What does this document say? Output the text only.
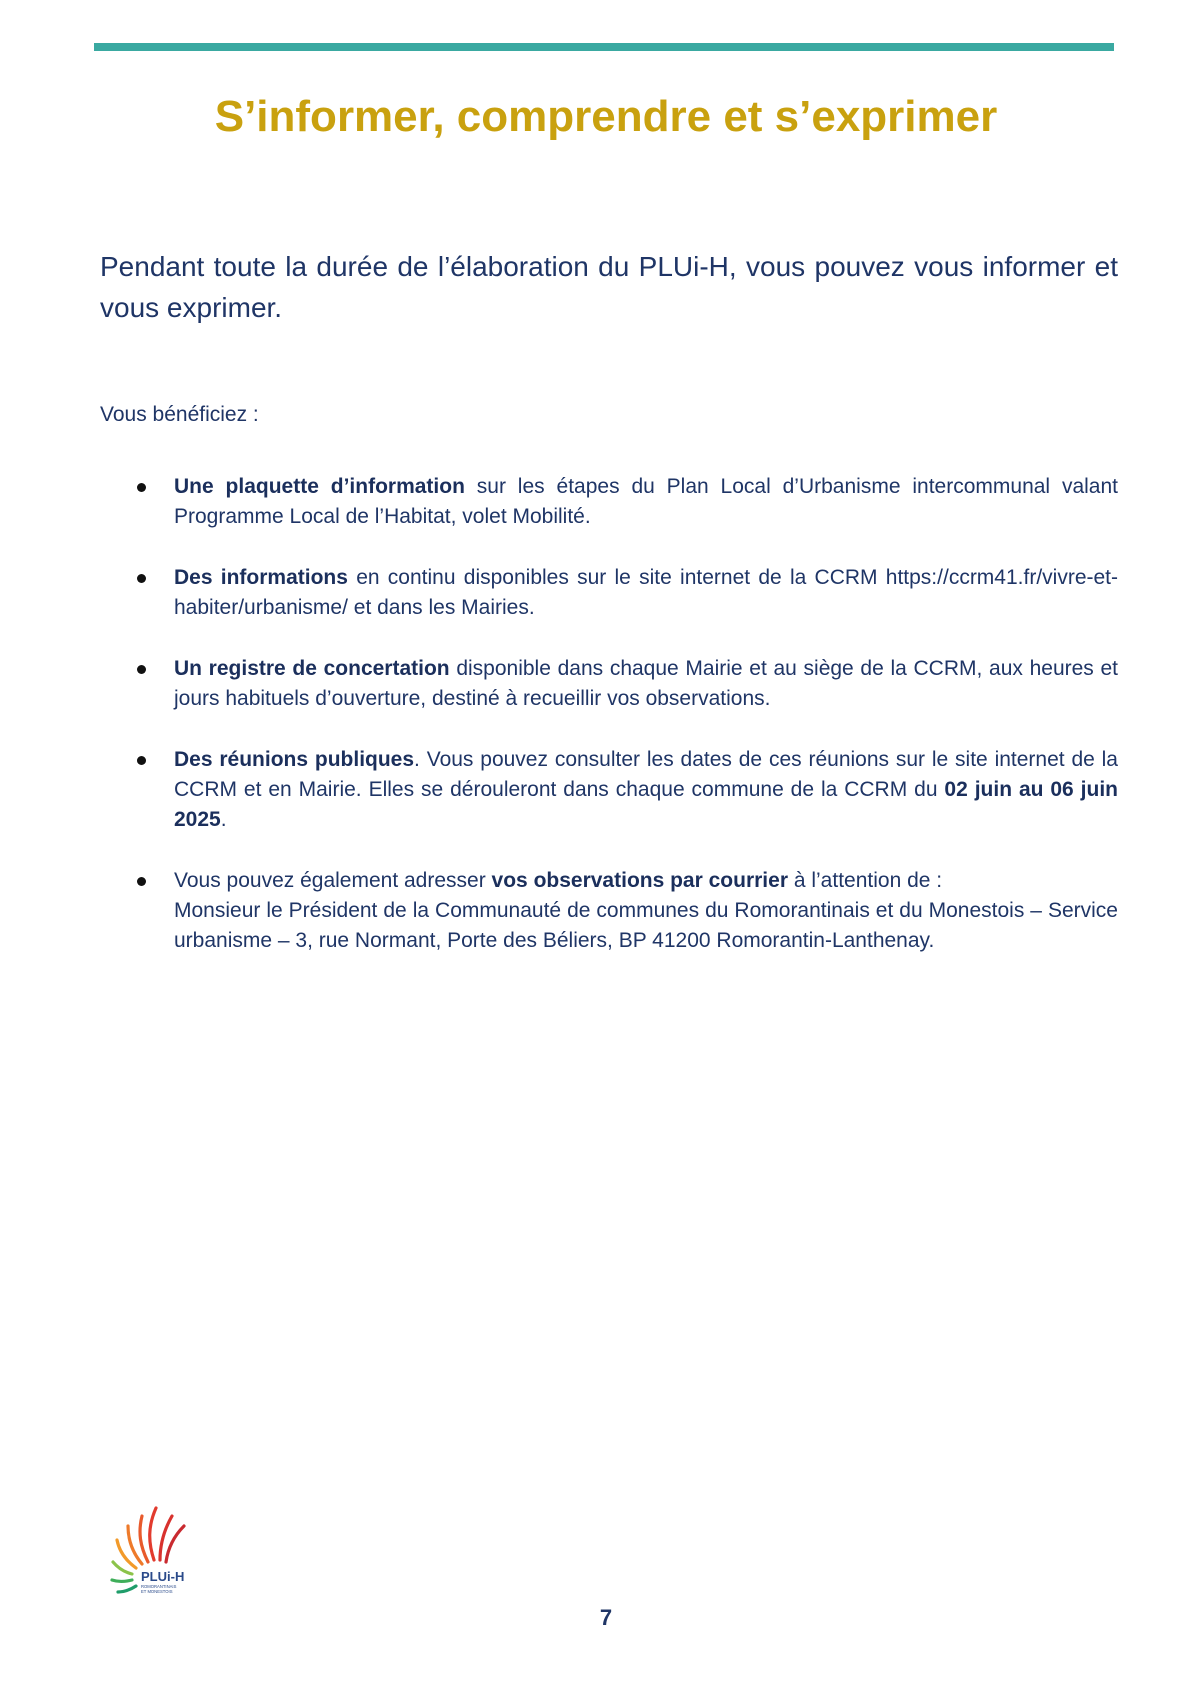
S’informer, comprendre et s’exprimer

Pendant toute la durée de l’élaboration du PLUi-H, vous pouvez vous informer et vous exprimer.

Vous bénéficiez :

Une plaquette d’information sur les étapes du Plan Local d’Urbanisme intercommunal valant Programme Local de l’Habitat, volet Mobilité.
Des informations en continu disponibles sur le site internet de la CCRM https://ccrm41.fr/vivre-et-habiter/urbanisme/ et dans les Mairies.
Un registre de concertation disponible dans chaque Mairie et au siège de la CCRM, aux heures et jours habituels d’ouverture, destiné à recueillir vos observations.
Des réunions publiques. Vous pouvez consulter les dates de ces réunions sur le site internet de la CCRM et en Mairie. Elles se dérouleront dans chaque commune de la CCRM du 02 juin au 06 juin 2025.
Vous pouvez également adresser vos observations par courrier à l’attention de :
Monsieur le Président de la Communauté de communes du Romorantinais et du Monestois – Service urbanisme – 3, rue Normant, Porte des Béliers, BP 41200 Romorantin-Lanthenay.
PLUi-H
ROMORANTINAIS
ET MONESTOIS
7
